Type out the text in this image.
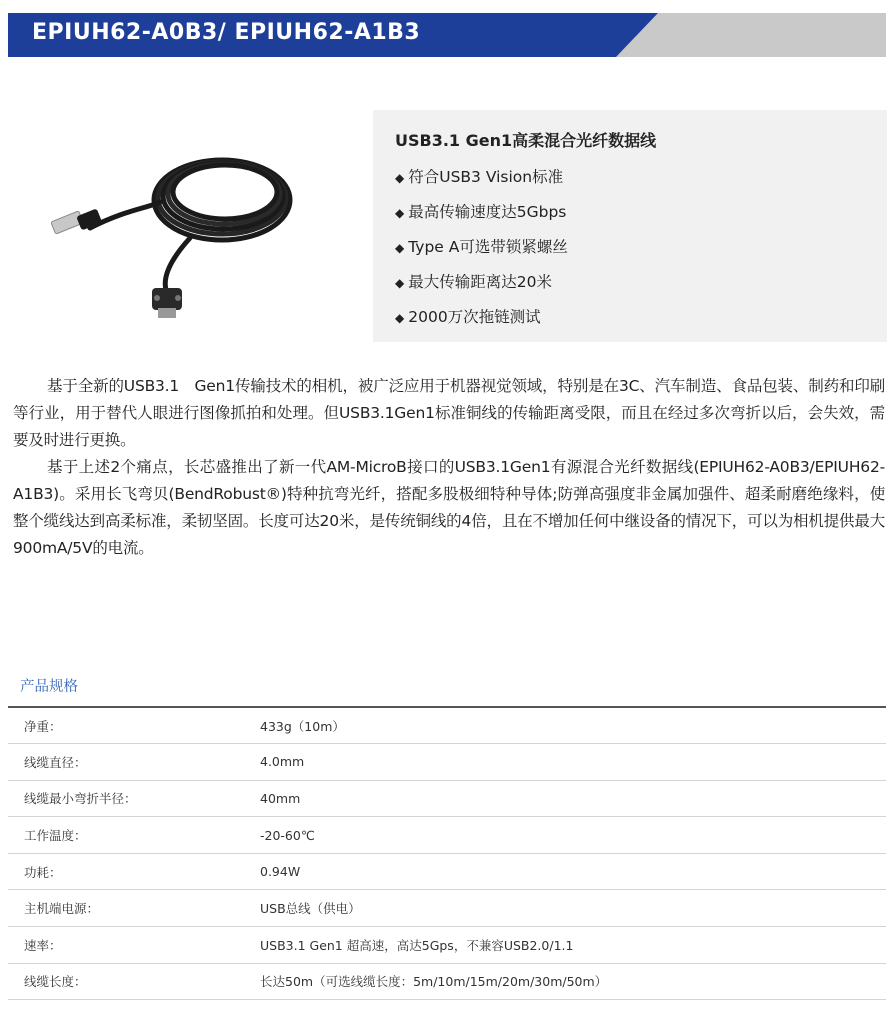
EPIUH62-A0B3/ EPIUH62-A1B3
USB3.1 Gen1高柔混合光纤数据线
◆ 符合USB3 Vision标准
◆ 最高传输速度达5Gbps
◆ Type A可选带锁紧螺丝
◆ 最大传输距离达20米
◆ 2000万次拖链测试

基于全新的USB3.1　Gen1传输技术的相机，被广泛应用于机器视觉领域，特别是在3C、汽车制造、食品包装、制药和印刷等行业，用于替代人眼进行图像抓拍和处理。但USB3.1Gen1标准铜线的传输距离受限，而且在经过多次弯折以后，会失效，需要及时进行更换。

基于上述2个痛点，长芯盛推出了新一代AM-MicroB接口的USB3.1Gen1有源混合光纤数据线(EPIUH62-A0B3/EPIUH62-A1B3)。采用长飞弯贝(BendRobust®)特种抗弯光纤，搭配多股极细特种导体;防弹高强度非金属加强件、超柔耐磨绝缘料，使整个缆线达到高柔标准，柔韧坚固。长度可达20米，是传统铜线的4倍，且在不增加任何中继设备的情况下，可以为相机提供最大900mA/5V的电流。

产品规格
净重：	433g（10m）
线缆直径：	4.0mm
线缆最小弯折半径：	40mm
工作温度：	-20-60℃
功耗：	0.94W
主机端电源：	USB总线（供电）
速率：	USB3.1 Gen1 超高速，高达5Gps，不兼容USB2.0/1.1
线缆长度：	长达50m（可选线缆长度：5m/10m/15m/20m/30m/50m）
